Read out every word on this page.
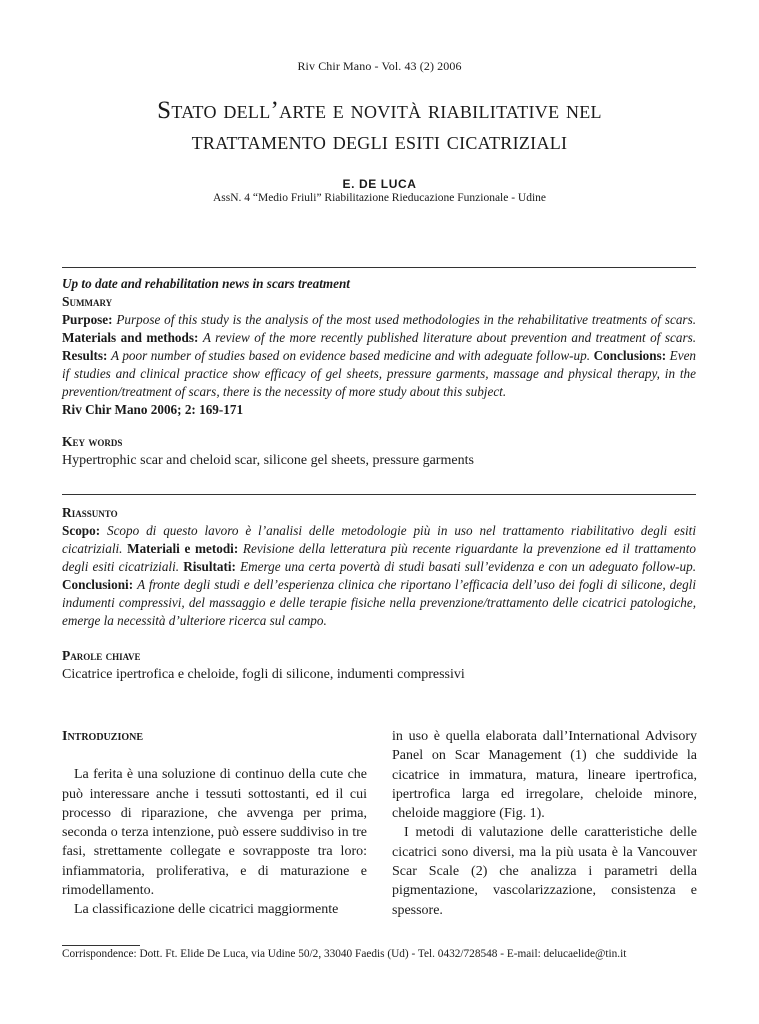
Riv Chir Mano - Vol. 43 (2) 2006
Stato dell’arte e novità riabilitative nel
trattamento degli esiti cicatriziali
E. DE LUCA
AssN. 4 “Medio Friuli” Riabilitazione Rieducazione Funzionale - Udine
Up to date and rehabilitation news in scars treatment
Summary
Purpose: Purpose of this study is the analysis of the most used methodologies in the rehabilitative treatments of scars. Materials and methods: A review of the more recently published literature about prevention and treatment of scars. Results: A poor number of studies based on evidence based medicine and with adeguate follow-up. Conclusions: Even if studies and clinical practice show efficacy of gel sheets, pressure garments, massage and physical therapy, in the prevention/treatment of scars, there is the necessity of more study about this subject.
Riv Chir Mano 2006; 2: 169-171
Key words
Hypertrophic scar and cheloid scar, silicone gel sheets, pressure garments
Riassunto
Scopo: Scopo di questo lavoro è l’analisi delle metodologie più in uso nel trattamento riabilitativo degli esiti cicatriziali. Materiali e metodi: Revisione della letteratura più recente riguardante la prevenzione ed il trattamento degli esiti cicatriziali. Risultati: Emerge una certa povertà di studi basati sull’evidenza e con un adeguato follow-up. Conclusioni: A fronte degli studi e dell’esperienza clinica che riportano l’efficacia dell’uso dei fogli di silicone, degli indumenti compressivi, del massaggio e delle terapie fisiche nella prevenzione/trattamento delle cicatrici patologiche, emerge la necessità d’ulteriore ricerca sul campo.
Parole chiave
Cicatrice ipertrofica e cheloide, fogli di silicone, indumenti compressivi
Introduzione

La ferita è una soluzione di continuo della cute che può interessare anche i tessuti sottostanti, ed il cui processo di riparazione, che avvenga per prima, seconda o terza intenzione, può essere suddiviso in tre fasi, strettamente collegate e sovrapposte tra loro: infiammatoria, proliferativa, e di maturazione e rimodellamento.

La classificazione delle cicatrici maggiormente

in uso è quella elaborata dall’International Advisory Panel on Scar Management (1) che suddivide la cicatrice in immatura, matura, lineare ipertrofica, ipertrofica larga ed irregolare, cheloide minore, cheloide maggiore (Fig. 1).

I metodi di valutazione delle caratteristiche delle cicatrici sono diversi, ma la più usata è la Vancouver Scar Scale (2) che analizza i parametri della pigmentazione, vascolarizzazione, consistenza e spessore.

Corrispondence: Dott. Ft. Elide De Luca, via Udine 50/2, 33040 Faedis (Ud) - Tel. 0432/728548 - E-mail: delucaelide@tin.it
